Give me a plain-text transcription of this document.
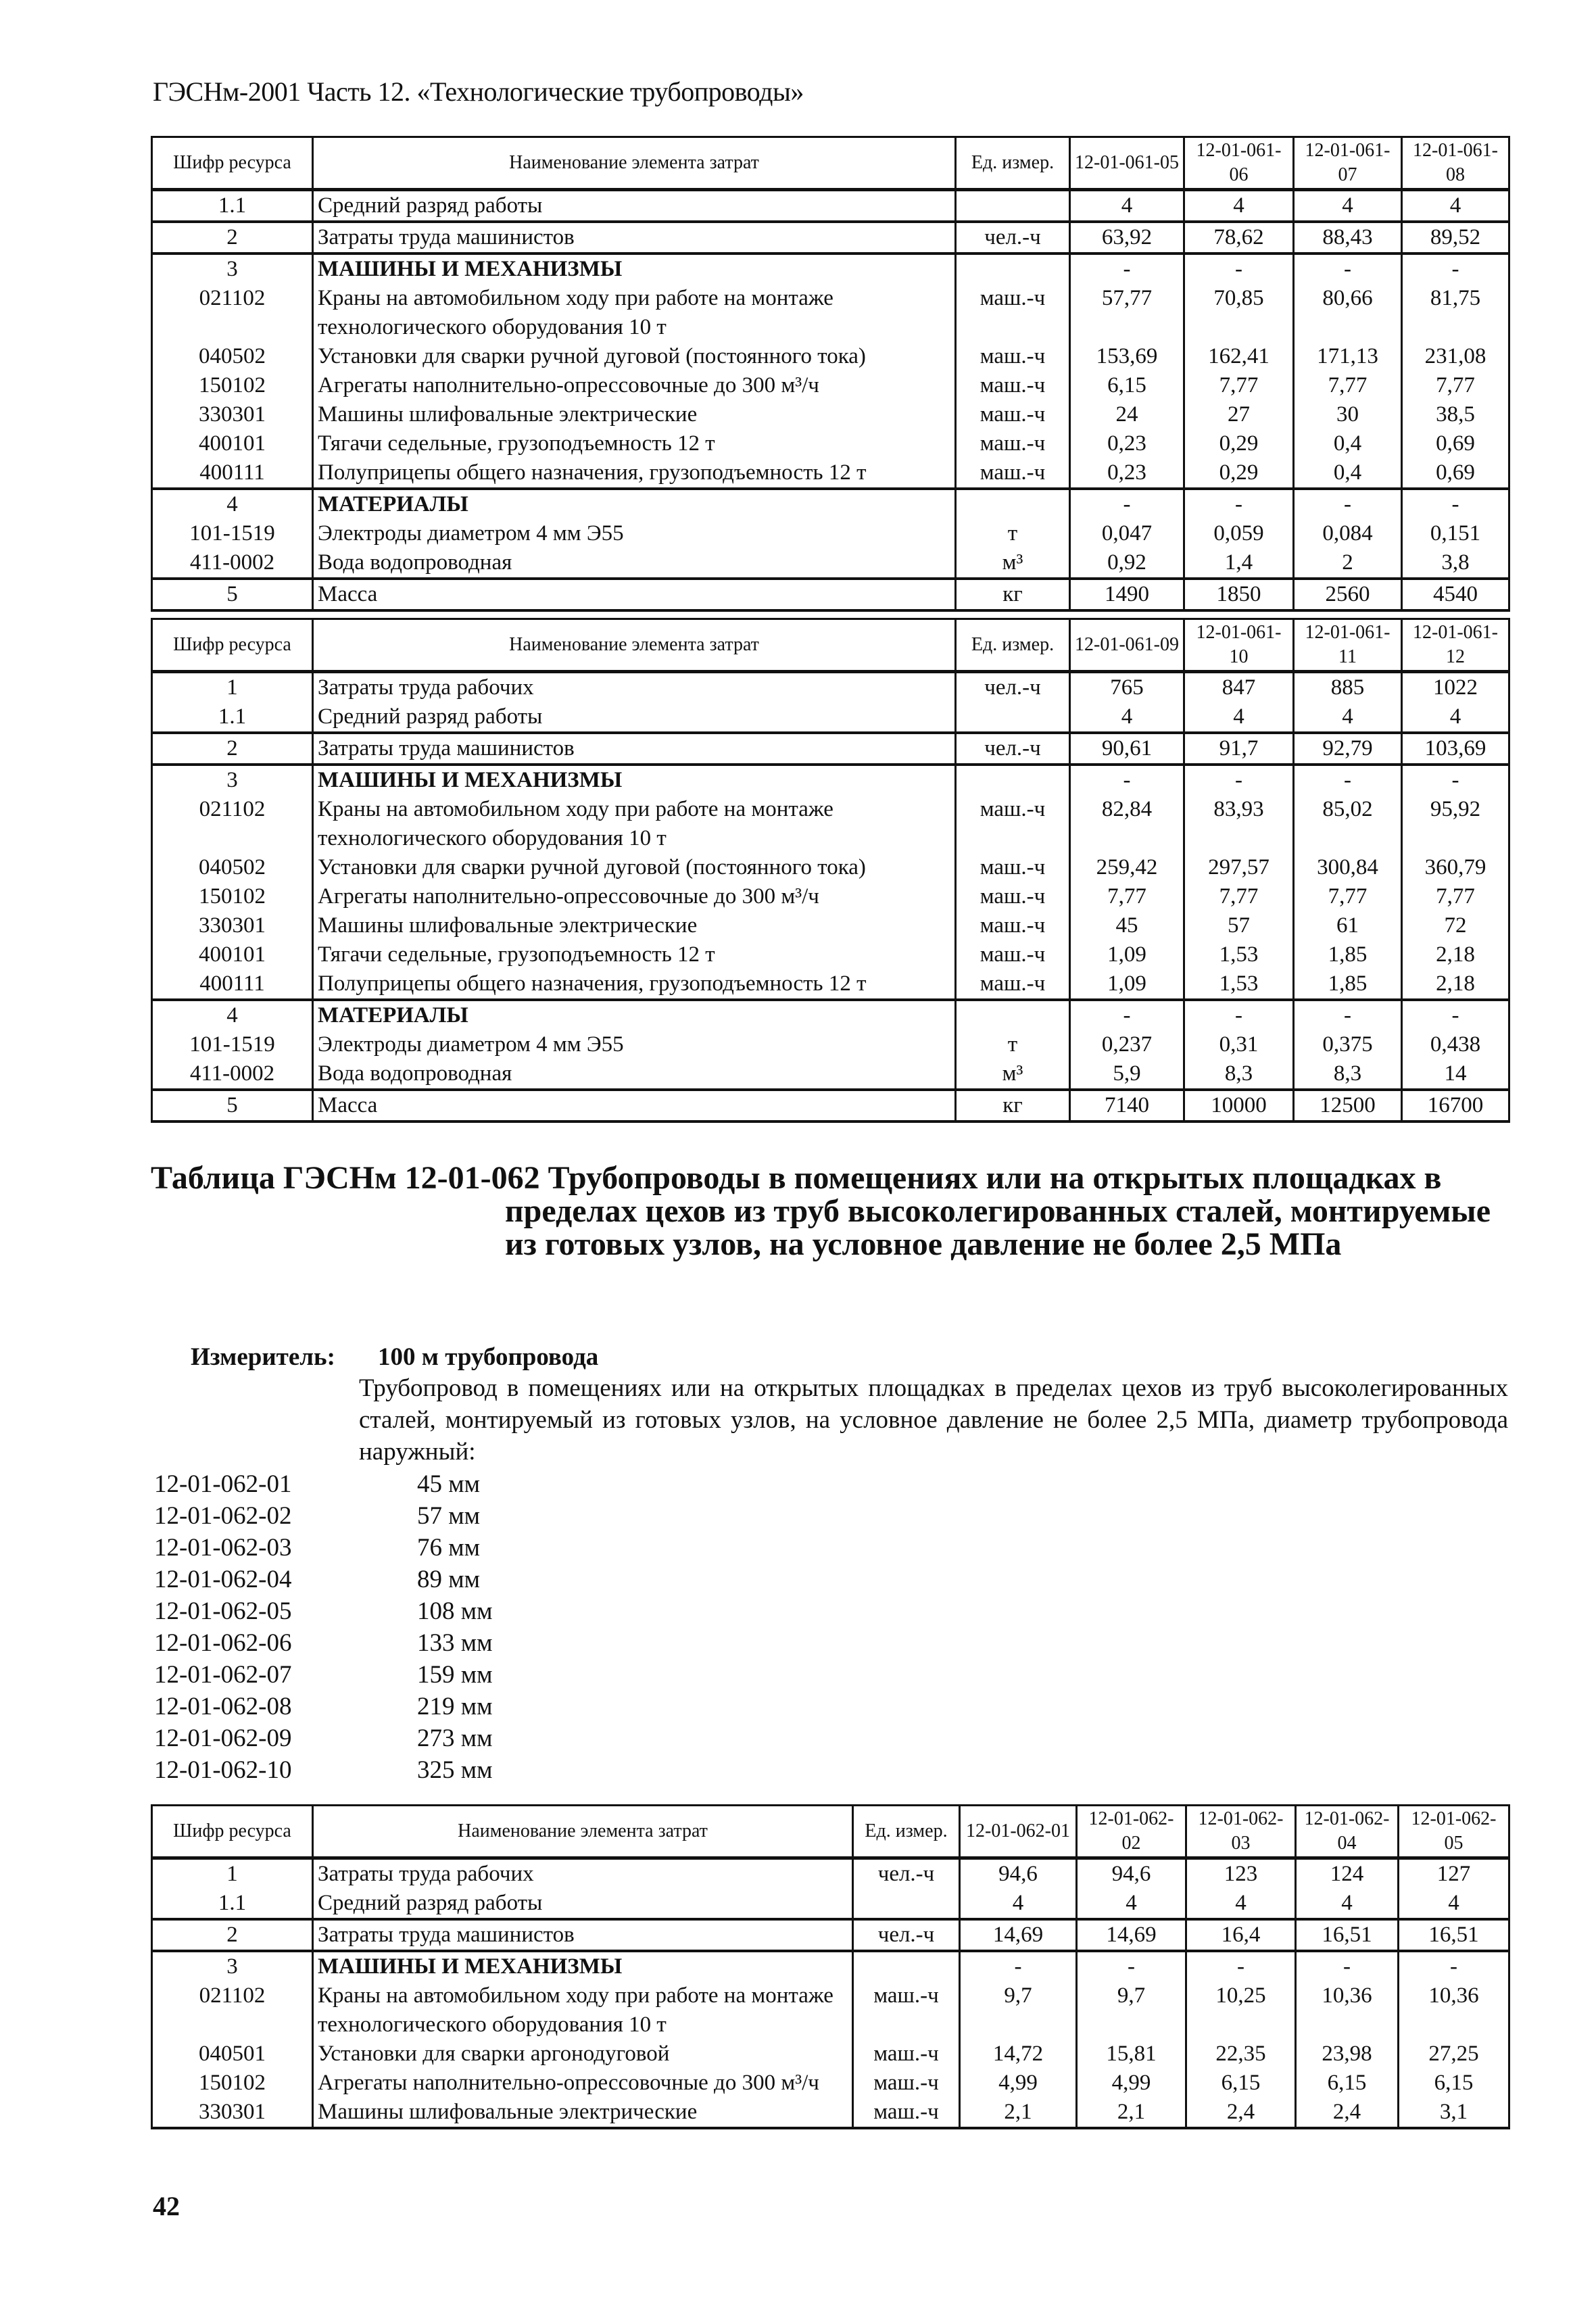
ГЭСНм-2001 Часть 12. «Технологические трубопроводы»
Шифр ресурса	Наименование элемента затрат	Ед. измер.	12-01-061-05	12-01-061-06	12-01-061-07	12-01-061-08
1.1	Средний разряд работы		4	4	4	4
2	Затраты труда машинистов	чел.-ч	63,92	78,62	88,43	89,52
3	МАШИНЫ И МЕХАНИЗМЫ		-	-	-	-
021102	Краны на автомобильном ходу при работе на монтаже технологического оборудования 10 т	маш.-ч	57,77	70,85	80,66	81,75
040502	Установки для сварки ручной дуговой (постоянного тока)	маш.-ч	153,69	162,41	171,13	231,08
150102	Агрегаты наполнительно-опрессовочные до 300 м³/ч	маш.-ч	6,15	7,77	7,77	7,77
330301	Машины шлифовальные электрические	маш.-ч	24	27	30	38,5
400101	Тягачи седельные, грузоподъемность 12 т	маш.-ч	0,23	0,29	0,4	0,69
400111	Полуприцепы общего назначения, грузоподъемность 12 т	маш.-ч	0,23	0,29	0,4	0,69
4	МАТЕРИАЛЫ		-	-	-	-
101-1519	Электроды диаметром 4 мм Э55	т	0,047	0,059	0,084	0,151
411-0002	Вода водопроводная	м³	0,92	1,4	2	3,8
5	Масса	кг	1490	1850	2560	4540
Шифр ресурса	Наименование элемента затрат	Ед. измер.	12-01-061-09	12-01-061-10	12-01-061-11	12-01-061-12
1	Затраты труда рабочих	чел.-ч	765	847	885	1022
1.1	Средний разряд работы		4	4	4	4
2	Затраты труда машинистов	чел.-ч	90,61	91,7	92,79	103,69
3	МАШИНЫ И МЕХАНИЗМЫ		-	-	-	-
021102	Краны на автомобильном ходу при работе на монтаже технологического оборудования 10 т	маш.-ч	82,84	83,93	85,02	95,92
040502	Установки для сварки ручной дуговой (постоянного тока)	маш.-ч	259,42	297,57	300,84	360,79
150102	Агрегаты наполнительно-опрессовочные до 300 м³/ч	маш.-ч	7,77	7,77	7,77	7,77
330301	Машины шлифовальные электрические	маш.-ч	45	57	61	72
400101	Тягачи седельные, грузоподъемность 12 т	маш.-ч	1,09	1,53	1,85	2,18
400111	Полуприцепы общего назначения, грузоподъемность 12 т	маш.-ч	1,09	1,53	1,85	2,18
4	МАТЕРИАЛЫ		-	-	-	-
101-1519	Электроды диаметром 4 мм Э55	т	0,237	0,31	0,375	0,438
411-0002	Вода водопроводная	м³	5,9	8,3	8,3	14
5	Масса	кг	7140	10000	12500	16700
Таблица ГЭСНм 12-01-062 Трубопроводы в помещениях или на открытых площадках в пределах цехов из труб высоколегированных сталей, монтируемые из готовых узлов, на условное давление не более 2,5 МПа
Измеритель: 100 м трубопровода
Трубопровод в помещениях или на открытых площадках в пределах цехов из труб высоколегированных сталей, монтируемый из готовых узлов, на условное давление не более 2,5 МПа, диаметр трубопровода наружный:
12-01-062-01	45 мм
12-01-062-02	57 мм
12-01-062-03	76 мм
12-01-062-04	89 мм
12-01-062-05	108 мм
12-01-062-06	133 мм
12-01-062-07	159 мм
12-01-062-08	219 мм
12-01-062-09	273 мм
12-01-062-10	325 мм
Шифр ресурса	Наименование элемента затрат	Ед. измер.	12-01-062-01	12-01-062-02	12-01-062-03	12-01-062-04	12-01-062-05
1	Затраты труда рабочих	чел.-ч	94,6	94,6	123	124	127
1.1	Средний разряд работы		4	4	4	4	4
2	Затраты труда машинистов	чел.-ч	14,69	14,69	16,4	16,51	16,51
3	МАШИНЫ И МЕХАНИЗМЫ		-	-	-	-	-
021102	Краны на автомобильном ходу при работе на монтаже технологического оборудования 10 т	маш.-ч	9,7	9,7	10,25	10,36	10,36
040501	Установки для сварки аргонодуговой	маш.-ч	14,72	15,81	22,35	23,98	27,25
150102	Агрегаты наполнительно-опрессовочные до 300 м³/ч	маш.-ч	4,99	4,99	6,15	6,15	6,15
330301	Машины шлифовальные электрические	маш.-ч	2,1	2,1	2,4	2,4	3,1
42
